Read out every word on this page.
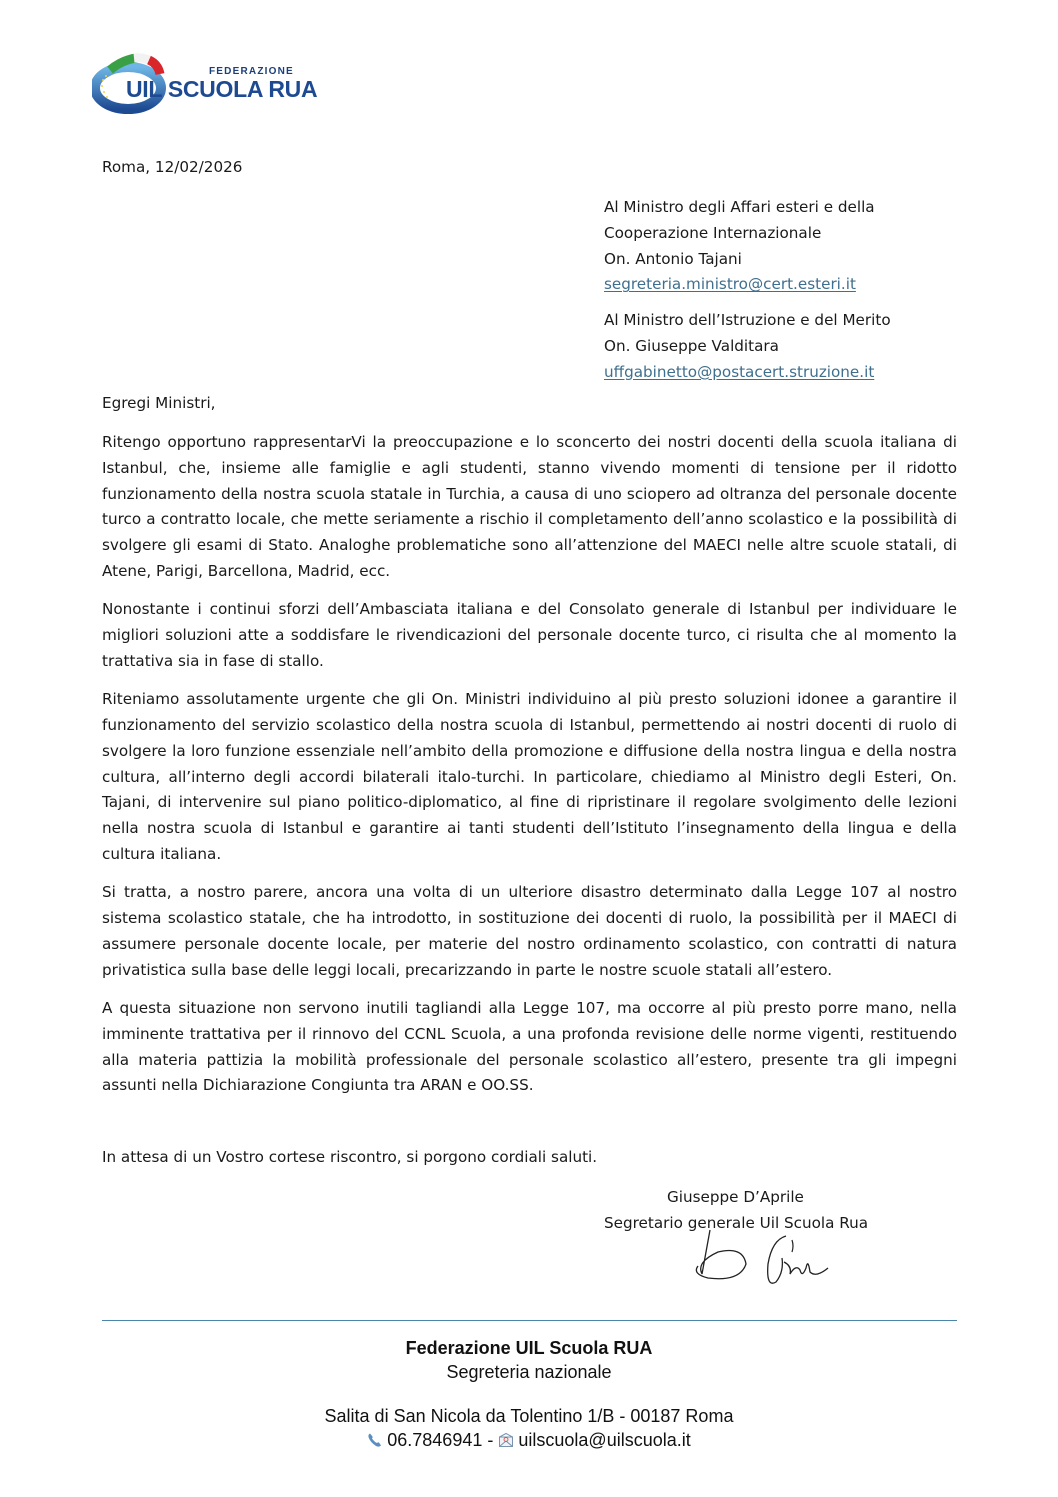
FEDERAZIONE
UIL SCUOLA RUA
Roma, 12/02/2026
Al Ministro degli Affari esteri e della
Cooperazione Internazionale
On. Antonio Tajani
segreteria.ministro@cert.esteri.it
Al Ministro dell’Istruzione e del Merito
On. Giuseppe Valditara
uffgabinetto@postacert.struzione.it
Egregi Ministri,

Ritengo opportuno rappresentarVi la preoccupazione e lo sconcerto dei nostri docenti della scuola italiana di Istanbul, che, insieme alle famiglie e agli studenti, stanno vivendo momenti di tensione per il ridotto funzionamento della nostra scuola statale in Turchia, a causa di uno sciopero ad oltranza del personale docente turco a contratto locale, che mette seriamente a rischio il completamento dell’anno scolastico e la possibilità di svolgere gli esami di Stato. Analoghe problematiche sono all’attenzione del MAECI nelle altre scuole statali, di Atene, Parigi, Barcellona, Madrid, ecc.

Nonostante i continui sforzi dell’Ambasciata italiana e del Consolato generale di Istanbul per individuare le migliori soluzioni atte a soddisfare le rivendicazioni del personale docente turco, ci risulta che al momento la trattativa sia in fase di stallo.

Riteniamo assolutamente urgente che gli On. Ministri individuino al più presto soluzioni idonee a garantire il funzionamento del servizio scolastico della nostra scuola di Istanbul, permettendo ai nostri docenti di ruolo di svolgere la loro funzione essenziale nell’ambito della promozione e diffusione della nostra lingua e della nostra cultura, all’interno degli accordi bilaterali italo-turchi. In particolare, chiediamo al Ministro degli Esteri, On. Tajani, di intervenire sul piano politico-diplomatico, al fine di ripristinare il regolare svolgimento delle lezioni nella nostra scuola di Istanbul e garantire ai tanti studenti dell’Istituto l’insegnamento della lingua e della cultura italiana.

Si tratta, a nostro parere, ancora una volta di un ulteriore disastro determinato dalla Legge 107 al nostro sistema scolastico statale, che ha introdotto, in sostituzione dei docenti di ruolo, la possibilità per il MAECI di assumere personale docente locale, per materie del nostro ordinamento scolastico, con contratti di natura privatistica sulla base delle leggi locali, precarizzando in parte le nostre scuole statali all’estero.

A questa situazione non servono inutili tagliandi alla Legge 107, ma occorre al più presto porre mano, nella imminente trattativa per il rinnovo del CCNL Scuola, a una profonda revisione delle norme vigenti, restituendo alla materia pattizia la mobilità professionale del personale scolastico all’estero, presente tra gli impegni assunti nella Dichiarazione Congiunta tra ARAN e OO.SS.

In attesa di un Vostro cortese riscontro, si porgono cordiali saluti.
Giuseppe D’Aprile
Segretario generale Uil Scuola Rua
Federazione UIL Scuola RUA
Segreteria nazionale
Salita di San Nicola da Tolentino 1/B - 00187 Roma
06.7846941 - uilscuola@uilscuola.it
